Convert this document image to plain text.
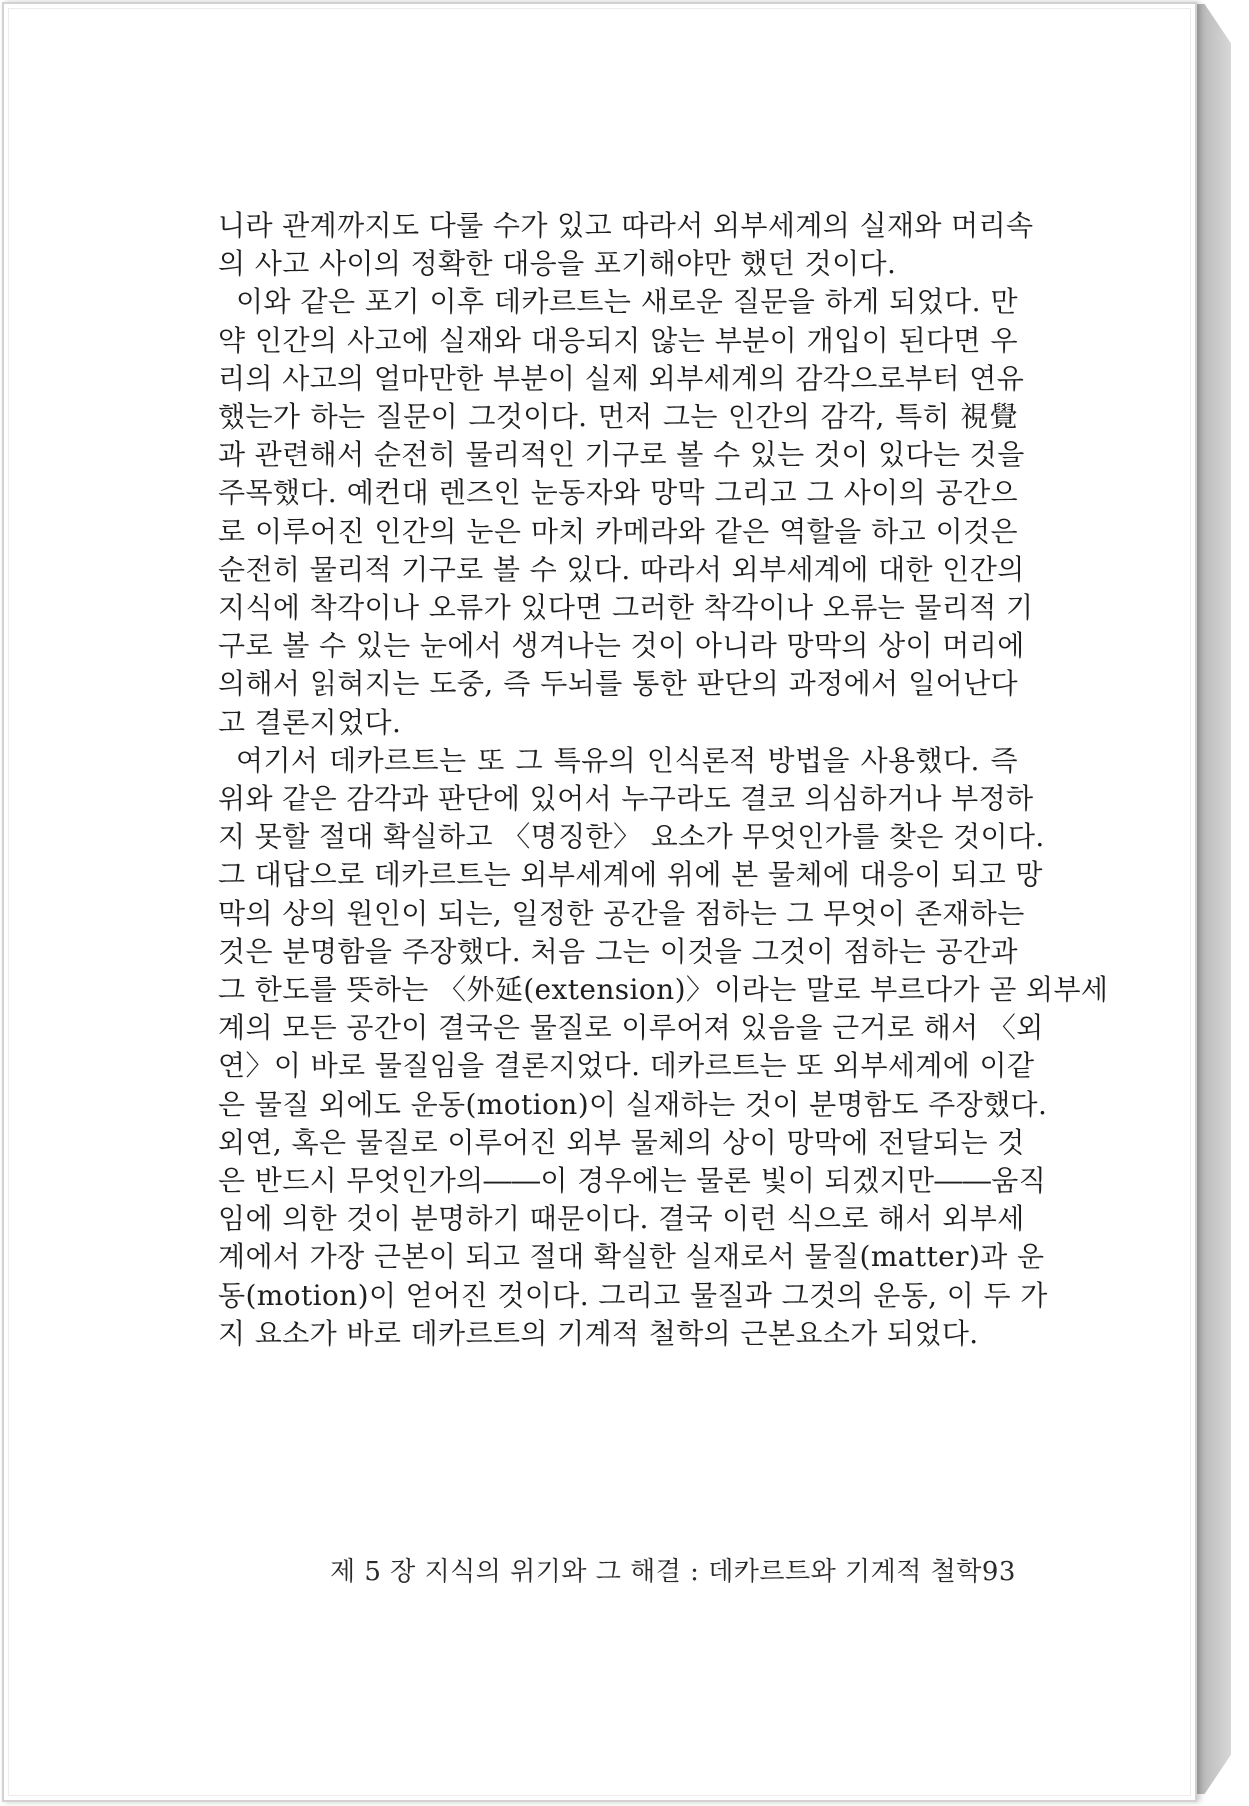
니라 관계까지도 다룰 수가 있고 따라서 외부세계의 실재와 머리속

의 사고 사이의 정확한 대응을 포기해야만 했던 것이다.

이와 같은 포기 이후 데카르트는 새로운 질문을 하게 되었다. 만

약 인간의 사고에 실재와 대응되지 않는 부분이 개입이 된다면 우

리의 사고의 얼마만한 부분이 실제 외부세계의 감각으로부터 연유

했는가 하는 질문이 그것이다. 먼저 그는 인간의 감각, 특히 視覺

과 관련해서 순전히 물리적인 기구로 볼 수 있는 것이 있다는 것을

주목했다. 예컨대 렌즈인 눈동자와 망막 그리고 그 사이의 공간으

로 이루어진 인간의 눈은 마치 카메라와 같은 역할을 하고 이것은

순전히 물리적 기구로 볼 수 있다. 따라서 외부세계에 대한 인간의

지식에 착각이나 오류가 있다면 그러한 착각이나 오류는 물리적 기

구로 볼 수 있는 눈에서 생겨나는 것이 아니라 망막의 상이 머리에

의해서 읽혀지는 도중, 즉 두뇌를 통한 판단의 과정에서 일어난다

고 결론지었다.

여기서 데카르트는 또 그 특유의 인식론적 방법을 사용했다. 즉

위와 같은 감각과 판단에 있어서 누구라도 결코 의심하거나 부정하

지 못할 절대 확실하고 〈명징한〉 요소가 무엇인가를 찾은 것이다.

그 대답으로 데카르트는 외부세계에 위에 본 물체에 대응이 되고 망

막의 상의 원인이 되는, 일정한 공간을 점하는 그 무엇이 존재하는

것은 분명함을 주장했다. 처음 그는 이것을 그것이 점하는 공간과

그 한도를 뜻하는 〈外延(extension)〉이라는 말로 부르다가 곧 외부세

계의 모든 공간이 결국은 물질로 이루어져 있음을 근거로 해서 〈외

연〉이 바로 물질임을 결론지었다. 데카르트는 또 외부세계에 이같

은 물질 외에도 운동(motion)이 실재하는 것이 분명함도 주장했다.

외연, 혹은 물질로 이루어진 외부 물체의 상이 망막에 전달되는 것

은 반드시 무엇인가의――이 경우에는 물론 빛이 되겠지만――움직

임에 의한 것이 분명하기 때문이다. 결국 이런 식으로 해서 외부세

계에서 가장 근본이 되고 절대 확실한 실재로서 물질(matter)과 운

동(motion)이 얻어진 것이다. 그리고 물질과 그것의 운동, 이 두 가

지 요소가 바로 데카르트의 기계적 철학의 근본요소가 되었다.

제 5 장 지식의 위기와 그 해결 : 데카르트와 기계적 철학 93
